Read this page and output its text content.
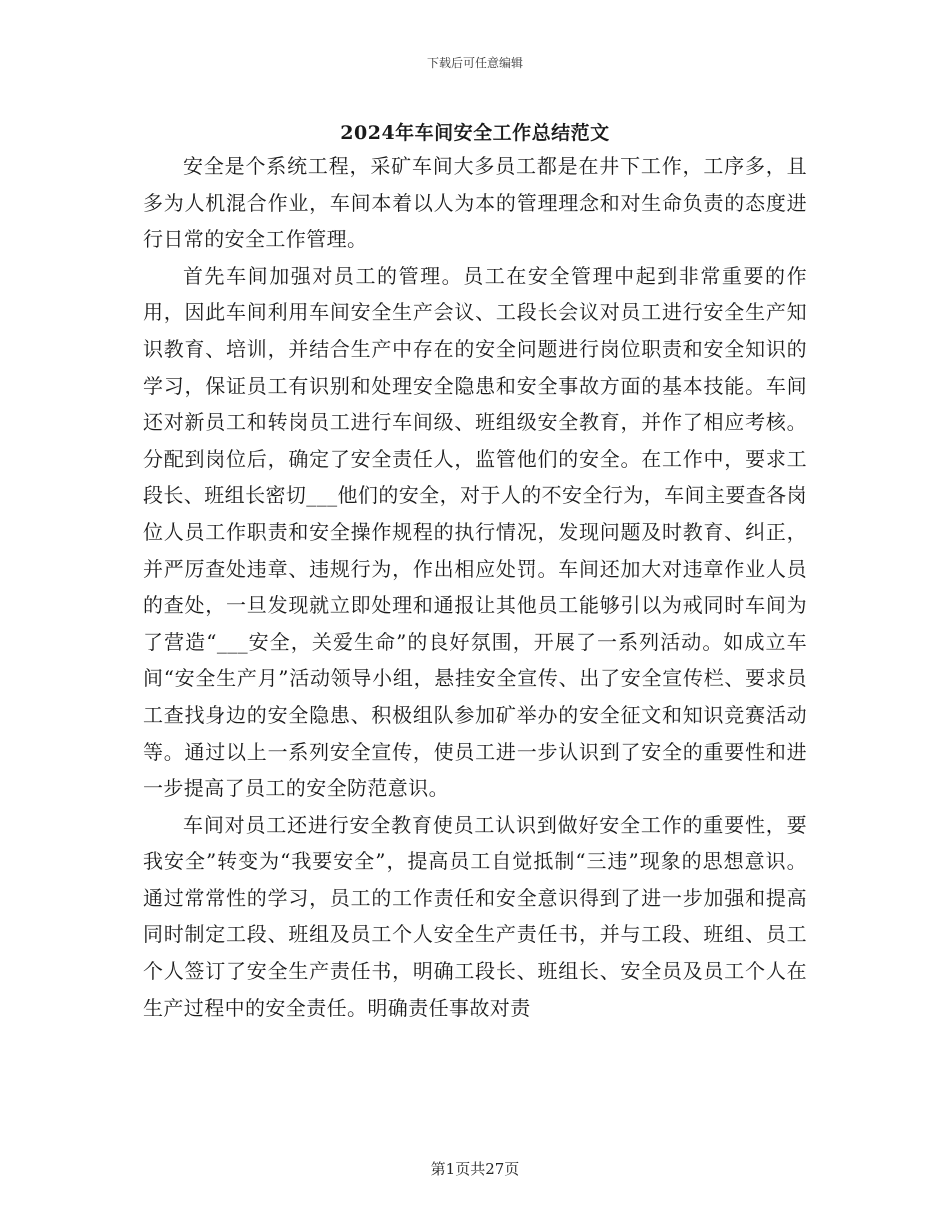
下载后可任意编辑
2024年车间安全工作总结范文

安全是个系统工程，采矿车间大多员工都是在井下工作，工序多，且多为人机混合作业，车间本着以人为本的管理理念和对生命负责的态度进行日常的安全工作管理。

首先车间加强对员工的管理。员工在安全管理中起到非常重要的作用，因此车间利用车间安全生产会议、工段长会议对员工进行安全生产知识教育、培训，并结合生产中存在的安全问题进行岗位职责和安全知识的学习，保证员工有识别和处理安全隐患和安全事故方面的基本技能。车间还对新员工和转岗员工进行车间级、班组级安全教育，并作了相应考核。分配到岗位后，确定了安全责任人，监管他们的安全。在工作中，要求工段长、班组长密切___他们的安全，对于人的不安全行为，车间主要查各岗位人员工作职责和安全操作规程的执行情况，发现问题及时教育、纠正，并严厉查处违章、违规行为，作出相应处罚。车间还加大对违章作业人员的查处，一旦发现就立即处理和通报让其他员工能够引以为戒同时车间为了营造“___安全，关爱生命”的良好氛围，开展了一系列活动。如成立车间“安全生产月”活动领导小组，悬挂安全宣传、出了安全宣传栏、要求员工查找身边的安全隐患、积极组队参加矿举办的安全征文和知识竞赛活动等。通过以上一系列安全宣传，使员工进一步认识到了安全的重要性和进一步提高了员工的安全防范意识。

车间对员工还进行安全教育使员工认识到做好安全工作的重要性，要我安全”转变为“我要安全”，提高员工自觉抵制“三违”现象的思想意识。通过常常性的学习，员工的工作责任和安全意识得到了进一步加强和提高同时制定工段、班组及员工个人安全生产责任书，并与工段、班组、员工个人签订了安全生产责任书，明确工段长、班组长、安全员及员工个人在生产过程中的安全责任。明确责任事故对责

第1页共27页
